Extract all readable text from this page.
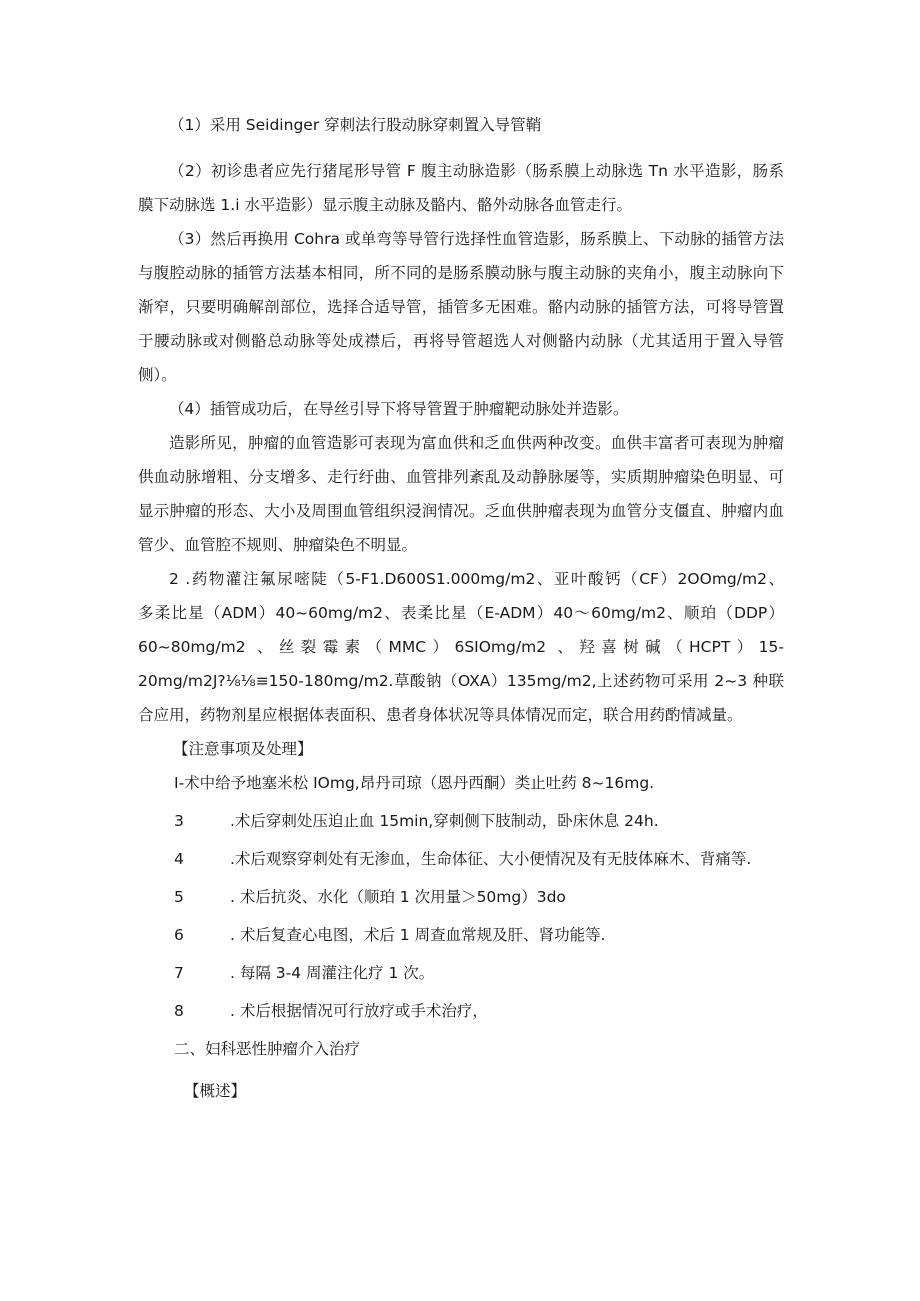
（1）采用 Seidinger 穿刺法行股动脉穿刺置入导管鞘

（2）初诊患者应先行猪尾形导管 F 腹主动脉造影（肠系膜上动脉选 Tn 水平造影，肠系膜下动脉选 1.i 水平造影）显示腹主动脉及骼内、骼外动脉各血管走行。

（3）然后再换用 Cohra 或单弯等导管行选择性血管造影，肠系膜上、下动脉的插管方法与腹腔动脉的插管方法基本相同，所不同的是肠系膜动脉与腹主动脉的夹角小，腹主动脉向下渐窄，只要明确解剖部位，选择合适导管，插管多无困难。骼内动脉的插管方法，可将导管置于腰动脉或对侧骼总动脉等处成襟后，再将导管超选人对侧骼内动脉（尤其适用于置入导管侧）。

（4）插管成功后，在导丝引导下将导管置于肿瘤靶动脉处并造影。

造影所见，肿瘤的血管造影可表现为富血供和乏血供两种改变。血供丰富者可表现为肿瘤供血动脉增粗、分支增多、走行纡曲、血管排列紊乱及动静脉屡等，实质期肿瘤染色明显、可显示肿瘤的形态、大小及周围血管组织浸润情况。乏血供肿瘤表现为血管分支僵直、肿瘤内血管少、血管腔不规则、肿瘤染色不明显。

2 .药物灌注氟尿嘧陡（5-F1.D600S1.000mg∕m2、亚叶酸钙（CF）2OOmg∕m2、

多柔比星（ADM）40~60mg∕m2、表柔比星（E-ADM）40～60mg∕m2、顺珀（DDP）

60~80mg/m2 、丝裂霉素（MMC）6SIOmg/m2 、羟喜树碱（HCPT）15-

20mg∕m2J?⅛⅛≡150-180mg/m2.草酸钠（OXA）135mg/m2,上述药物可采用 2~3 种联合应用，药物剂星应根据体表面积、患者身体状况等具体情况而定，联合用药酌情减量。

【注意事项及处理】

I-术中给予地塞米松 IOmg,昂丹司琼（恩丹西酮）类止吐药 8~16mg.

3	.术后穿刺处压迫止血 15min,穿刺侧下肢制动，卧床休息 24h.
4	.术后观察穿刺处有无渗血，生命体征、大小便情况及有无肢体麻木、背痛等.
5	. 术后抗炎、水化（顺珀 1 次用量＞50mg）3do
6	. 术后复查心电图，术后 1 周查血常规及肝、肾功能等.
7	. 每隔 3-4 周灌注化疗 1 次。
8	. 术后根据情况可行放疗或手术治疗，

二、妇科恶性肿瘤介入治疗

【概述】
